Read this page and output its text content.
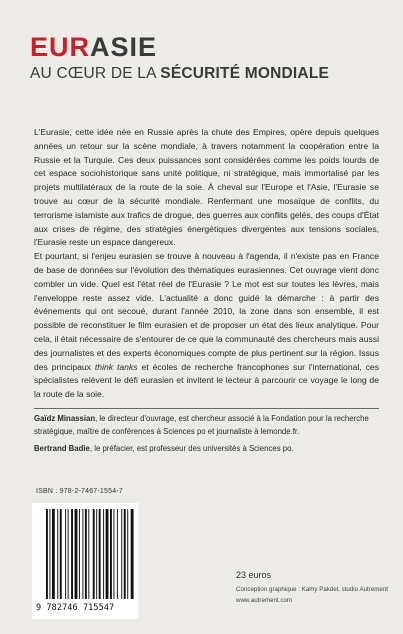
EURASIE
AU CŒUR DE LA SÉCURITÉ MONDIALE

L'Eurasie, cette idée née en Russie après la chute des Empires, opère depuis quelques années un retour sur la scène mondiale, à travers notamment la coopération entre la Russie et la Turquie. Ces deux puissances sont considérées comme les poids lourds de cet espace sociohistorique sans unité politique, ni stratégique, mais immortalisé par les projets multilatéraux de la route de la soie. À cheval sur l'Europe et l'Asie, l'Eurasie se trouve au cœur de la sécurité mondiale. Renfermant une mosaïque de conflits, du terrorisme islamiste aux trafics de drogue, des guerres aux conflits gelés, des coups d'État aux crises de régime, des stratégies énergétiques divergentes aux tensions sociales, l'Eurasie reste un espace dangereux.

Et pourtant, si l'enjeu eurasien se trouve à nouveau à l'agenda, il n'existe pas en France de base de données sur l'évolution des thématiques eurasiennes. Cet ouvrage vient donc combler un vide. Quel est l'état réel de l'Eurasie ? Le mot est sur toutes les lèvres, mais l'enveloppe reste assez vide. L'actualité a donc guidé la démarche : à partir des événements qui ont secoué, durant l'année 2010, la zone dans son ensemble, il est possible de reconstituer le film eurasien et de proposer un état des lieux analytique. Pour cela, il était nécessaire de s'entourer de ce que la communauté des chercheurs mais aussi des journalistes et des experts économiques compte de plus pertinent sur la région. Issus des principaux think tanks et écoles de recherche francophones sur l'international, ces spécialistes relèvent le défi eurasien et invitent le lecteur à parcourir ce voyage le long de la route de la soie.

Gaïdz Minassian, le directeur d'ouvrage, est chercheur associé à la Fondation pour la recherche stratégique, maître de conférences à Sciences po et journaliste à lemonde.fr.

Bertrand Badie, le préfacier, est professeur des universités à Sciences po.

ISBN : 978-2-7467-1554-7
9 782746 715547
23 euros
Conception graphique : Kamy Pakdel, studio Autrement
www.autrement.com
